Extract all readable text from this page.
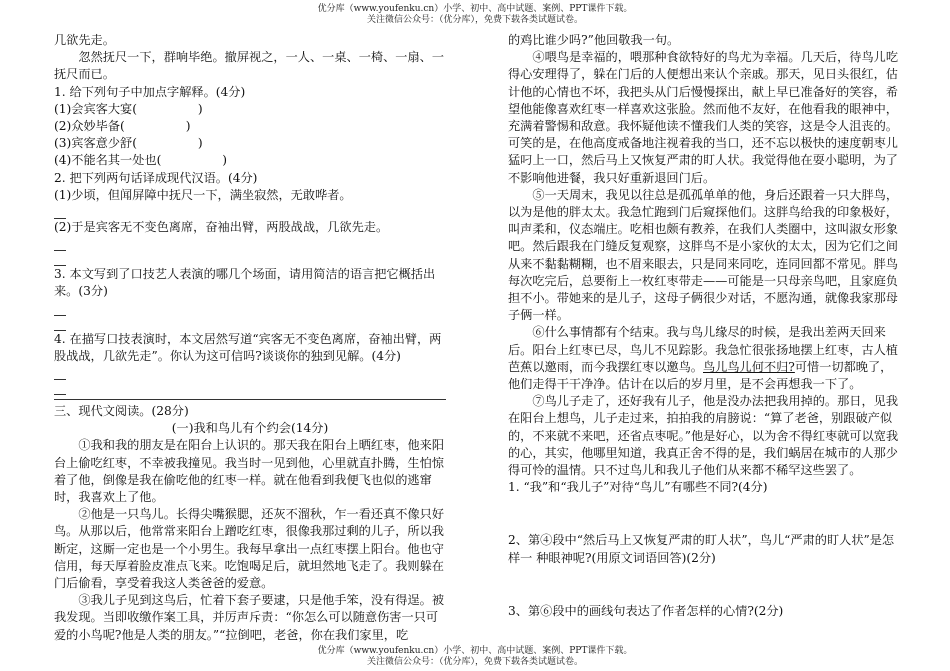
优分库（www.youfenku.cn）小学、初中、高中试题、案例、PPT课件下载。
关注微信公众号：（优分库），免费下载各类试题试卷。

几欲先走。

忽然抚尺一下，群响毕绝。撤屏视之，一人、一桌、一椅、一扇、一抚尺而已。

1. 给下列句子中加点字解释。(4分)

(1)会宾客大宴(　　　　　)

(2)众妙毕备(　　　　　)

(3)宾客意少舒(　　　　　)

(4)不能名其一处也(　　　　　)

2. 把下列两句话译成现代汉语。(4分)

(1)少顷，但闻屏障中抚尺一下，满坐寂然，无敢哗者。

(2)于是宾客无不变色离席，奋袖出臂，两股战战，几欲先走。

3. 本文写到了口技艺人表演的哪几个场面，请用简洁的语言把它概括出来。(3分)

4. 在描写口技表演时，本文居然写道“宾客无不变色离席，奋袖出臂，两股战战，几欲先走”。你认为这可信吗?谈谈你的独到见解。(4分)

三、现代文阅读。(28分)

(一)我和鸟儿有个约会(14分)

①我和我的朋友是在阳台上认识的。那天我在阳台上晒红枣，他来阳台上偷吃红枣，不幸被我撞见。我当时一见到他，心里就直扑腾，生怕惊着了他，倒像是我在偷吃他的红枣一样。就在他看到我便飞也似的逃窜时，我喜欢上了他。

②他是一只鸟儿。长得尖嘴猴腮，还灰不溜秋，乍一看还真不像只好鸟。从那以后，他常常来阳台上蹭吃红枣，很像我那过剩的儿子，所以我断定，这厮一定也是一个小男生。我每早拿出一点红枣摆上阳台。他也守信用，每天厚着脸皮准点飞来。吃饱喝足后，就坦然地飞走了。我则躲在门后偷看，享受着我这人类爸爸的爱意。

③我儿子见到这鸟后，忙着下套子要逮，只是他手笨，没有得逞。被我发现。当即收缴作案工具，并厉声斥责：“你怎么可以随意伤害一只可爱的小鸟呢?他是人类的朋友。”“拉倒吧，老爸，你在我们家里，吃

的鸡比谁少吗?”他回敬我一句。

④喂鸟是幸福的，喂那种食欲特好的鸟尤为幸福。几天后，待鸟儿吃得心安理得了，躲在门后的人便想出来认个亲戚。那天，见日头很红，估计他的心情也不坏，我把头从门后慢慢探出，献上早已准备好的笑容，希望他能像喜欢红枣一样喜欢这张脸。然而他不友好，在他看我的眼神中，充满着警惕和敌意。我怀疑他读不懂我们人类的笑容，这是令人沮丧的。可笑的是，在他高度戒备地注视着我的当口，还不忘以极快的速度朝枣儿猛叼上一口，然后马上又恢复严肃的盯人状。我觉得他在耍小聪明，为了不影响他进餐，我只好重新退回门后。

⑤一天周末，我见以往总是孤孤单单的他，身后还跟着一只大胖鸟，以为是他的胖太太。我急忙跑到门后窥探他们。这胖鸟给我的印象极好，叫声柔和，仪态端庄。吃相也颇有教养，在我们人类圈中，这叫淑女形象吧。然后跟我在门缝反复观察，这胖鸟不是小家伙的太太，因为它们之间从来不黏黏糊糊，也不眉来眼去，只是同来同吃，连同回都不常见。胖鸟每次吃完后，总要衔上一枚红枣带走——可能是一只母亲鸟吧，且家庭负担不小。带她来的是儿子，这母子俩很少对话，不愿沟通，就像我家那母子俩一样。

⑥什么事情都有个结束。我与鸟儿缘尽的时候，是我出差两天回来后。阳台上红枣已尽，鸟儿不见踪影。我急忙很张扬地摆上红枣，古人植芭蕉以邀雨，而今我摆红枣以邀鸟。鸟儿鸟儿何不归?可惜一切都晚了，他们走得干干净净。估计在以后的岁月里，是不会再想我一下了。

⑦鸟儿子走了，还好我有儿子，他是没办法把我用掉的。那日，见我在阳台上想鸟，儿子走过来，拍拍我的肩膀说：“算了老爸，别跟破产似的，不来就不来吧，还省点枣呢。”他是好心，以为舍不得红枣就可以宽我的心，其实，他哪里知道，我真正舍不得的是，我们蜗居在城市的人那少得可怜的温情。只不过鸟儿和我儿子他们从来都不稀罕这些罢了。

1. “我”和“我儿子”对待“鸟儿”有哪些不同?(4分)

2、第④段中“然后马上又恢复严肃的盯人状”，鸟儿“严肃的盯人状”是怎样一 种眼神呢?(用原文词语回答)(2分)

3、第⑥段中的画线句表达了作者怎样的心情?(2分)

优分库（www.youfenku.cn）小学、初中、高中试题、案例、PPT课件下载。
关注微信公众号：（优分库），免费下载各类试题试卷。
